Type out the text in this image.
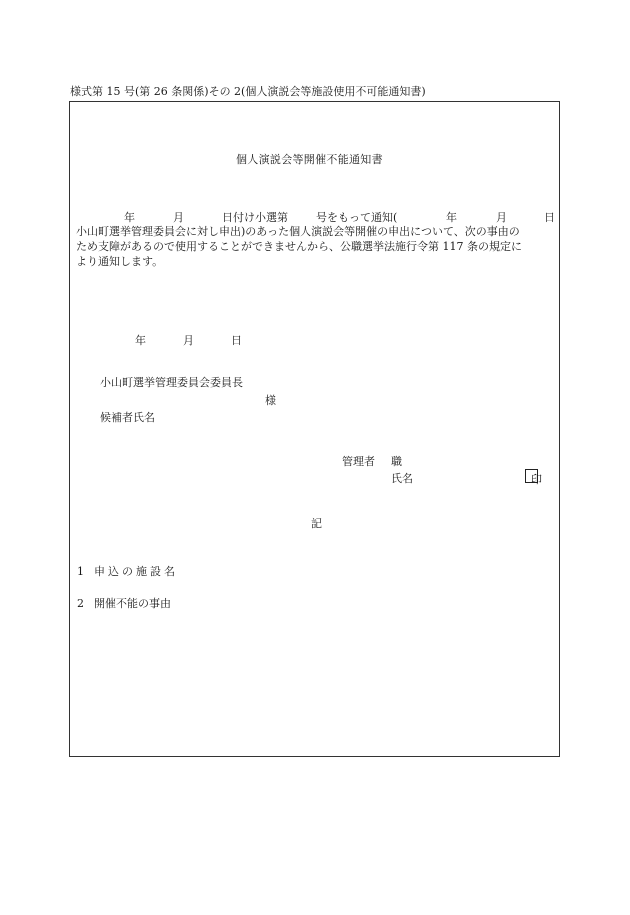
様式第 15 号(第 26 条関係)その 2(個人演説会等施設使用不可能通知書)
個人演説会等開催不能通知書
年	月	日付け小選第	号をもって通知(	年	月	日
小山町選挙管理委員会に対し申出)のあった個人演説会等開催の申出について、次の事由の
ため支障があるので使用することができませんから、公職選挙法施行令第 117 条の規定に
より通知します。
年	月	日
小山町選挙管理委員会委員長
様
候補者氏名
管理者 職
氏名	印
記
1 申込の施設名
2 開催不能の事由
